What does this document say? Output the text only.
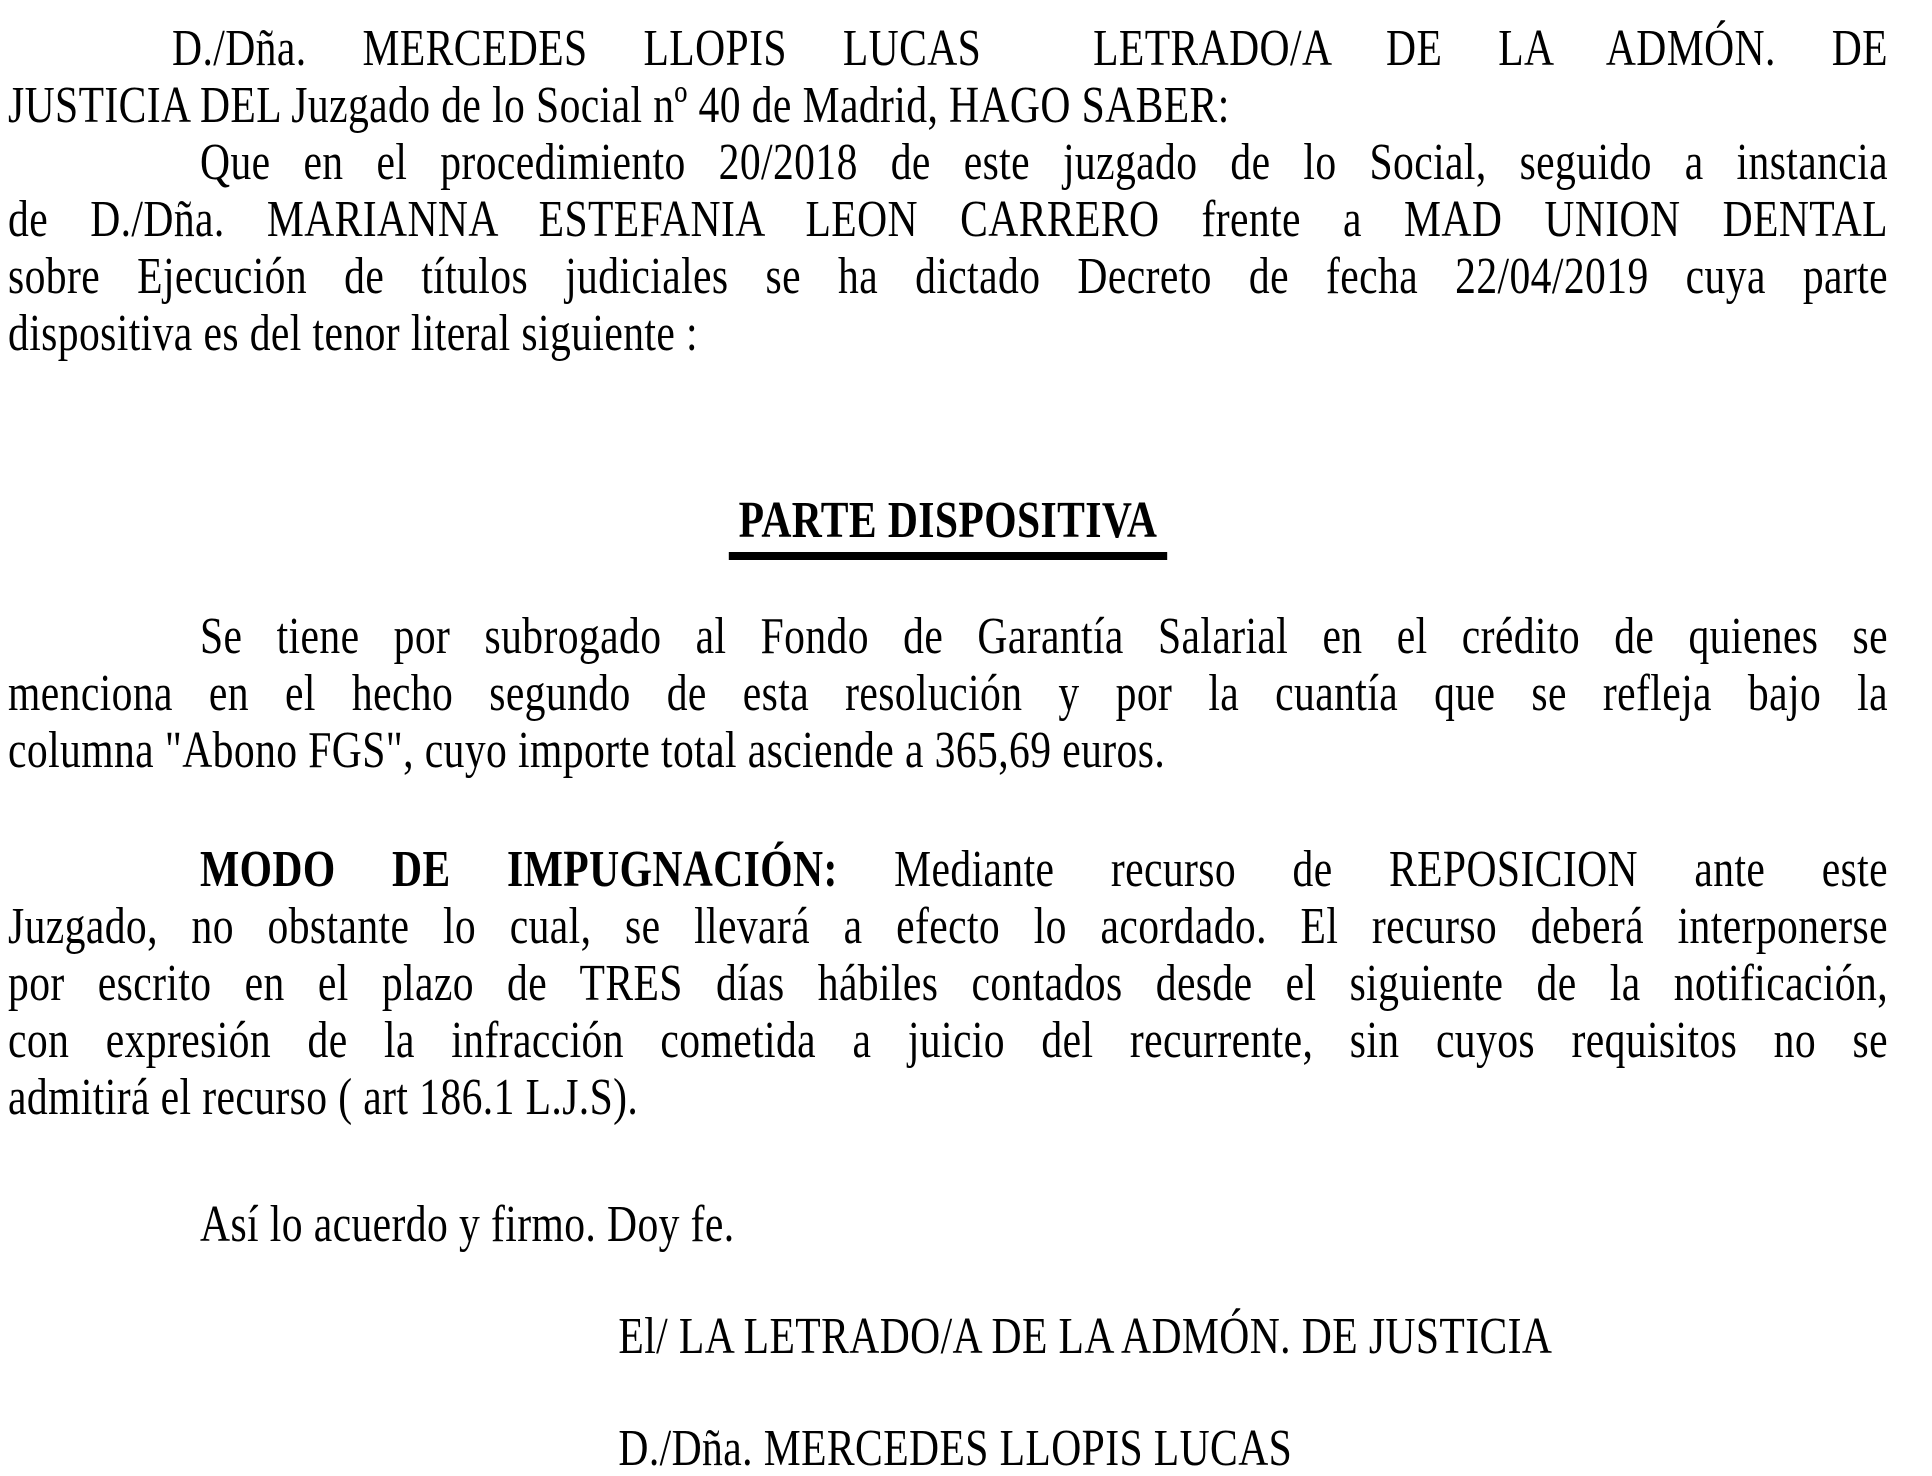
D./Dña. MERCEDES LLOPIS LUCAS  LETRADO/A DE LA ADMÓN. DE
JUSTICIA DEL Juzgado de lo Social nº 40 de Madrid, HAGO SABER:
Que en el procedimiento 20/2018 de este juzgado de lo Social, seguido a instancia
de D./Dña. MARIANNA ESTEFANIA LEON CARRERO frente a MAD UNION DENTAL
sobre Ejecución de títulos judiciales se ha dictado Decreto de fecha 22/04/2019 cuya parte
dispositiva es del tenor literal siguiente :
PARTE DISPOSITIVA
Se tiene por subrogado al Fondo de Garantía Salarial en el crédito de quienes se
menciona en el hecho segundo de esta resolución y por la cuantía que se refleja bajo la
columna "Abono FGS", cuyo importe total asciende a 365,69 euros.
MODO DE IMPUGNACIÓN: Mediante recurso de REPOSICION ante este
Juzgado, no obstante lo cual, se llevará a efecto lo acordado. El recurso deberá interponerse
por escrito en el plazo de TRES días hábiles contados desde el siguiente de la notificación,
con expresión de la infracción cometida a juicio del recurrente, sin cuyos requisitos no se
admitirá el recurso ( art 186.1 L.J.S).
Así lo acuerdo y firmo. Doy fe.
El/ LA LETRADO/A DE LA ADMÓN. DE JUSTICIA
D./Dña. MERCEDES LLOPIS LUCAS
